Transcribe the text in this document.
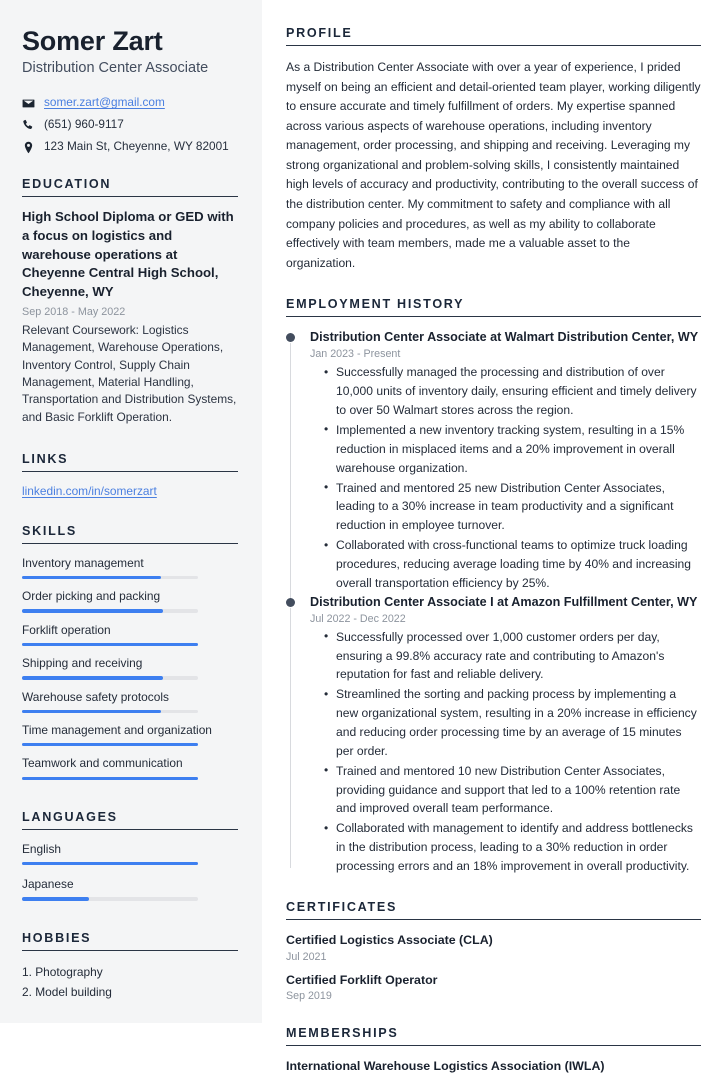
Somer Zart
Distribution Center Associate
somer.zart@gmail.com
(651) 960-9117
123 Main St, Cheyenne, WY 82001
EDUCATION
High School Diploma or GED with a focus on logistics and warehouse operations at Cheyenne Central High School, Cheyenne, WY
Sep 2018 - May 2022
Relevant Coursework: Logistics Management, Warehouse Operations, Inventory Control, Supply Chain Management, Material Handling, Transportation and Distribution Systems, and Basic Forklift Operation.
LINKS
linkedin.com/in/somerzart
SKILLS
Inventory management
Order picking and packing
Forklift operation
Shipping and receiving
Warehouse safety protocols
Time management and organization
Teamwork and communication
LANGUAGES
English
Japanese
HOBBIES
1. Photography
2. Model building
PROFILE

As a Distribution Center Associate with over a year of experience, I prided myself on being an efficient and detail-oriented team player, working diligently to ensure accurate and timely fulfillment of orders. My expertise spanned across various aspects of warehouse operations, including inventory management, order processing, and shipping and receiving. Leveraging my strong organizational and problem-solving skills, I consistently maintained high levels of accuracy and productivity, contributing to the overall success of the distribution center. My commitment to safety and compliance with all company policies and procedures, as well as my ability to collaborate effectively with team members, made me a valuable asset to the organization.

EMPLOYMENT HISTORY
Distribution Center Associate at Walmart Distribution Center, WY
Jan 2023 - Present
• Successfully managed the processing and distribution of over 10,000 units of inventory daily, ensuring efficient and timely delivery to over 50 Walmart stores across the region.
• Implemented a new inventory tracking system, resulting in a 15% reduction in misplaced items and a 20% improvement in overall warehouse organization.
• Trained and mentored 25 new Distribution Center Associates, leading to a 30% increase in team productivity and a significant reduction in employee turnover.
• Collaborated with cross-functional teams to optimize truck loading procedures, reducing average loading time by 40% and increasing overall transportation efficiency by 25%.
Distribution Center Associate I at Amazon Fulfillment Center, WY
Jul 2022 - Dec 2022
• Successfully processed over 1,000 customer orders per day, ensuring a 99.8% accuracy rate and contributing to Amazon's reputation for fast and reliable delivery.
• Streamlined the sorting and packing process by implementing a new organizational system, resulting in a 20% increase in efficiency and reducing order processing time by an average of 15 minutes per order.
• Trained and mentored 10 new Distribution Center Associates, providing guidance and support that led to a 100% retention rate and improved overall team performance.
• Collaborated with management to identify and address bottlenecks in the distribution process, leading to a 30% reduction in order processing errors and an 18% improvement in overall productivity.
CERTIFICATES
Certified Logistics Associate (CLA)
Jul 2021
Certified Forklift Operator
Sep 2019
MEMBERSHIPS
International Warehouse Logistics Association (IWLA)
